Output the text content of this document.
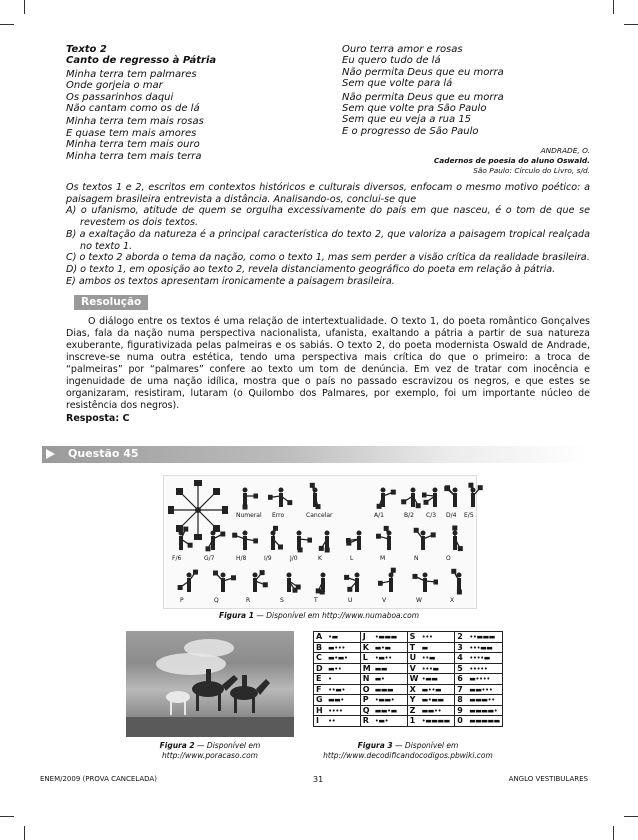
Texto 2
Canto de regresso à Pátria
Minha terra tem palmares
Onde gorjeia o mar
Os passarinhos daqui
Não cantam como os de lá
Minha terra tem mais rosas
E quase tem mais amores
Minha terra tem mais ouro
Minha terra tem mais terra
Ouro terra amor e rosas
Eu quero tudo de lá
Não permita Deus que eu morra
Sem que volte para lá
Não permita Deus que eu morra
Sem que volte pra São Paulo
Sem que eu veja a rua 15
E o progresso de São Paulo
ANDRADE, O.
Cadernos de poesia do aluno Oswald.
São Paulo: Círculo do Livro, s/d.

Os textos 1 e 2, escritos em contextos históricos e culturais diversos, enfocam o mesmo motivo poético: a paisagem brasileira entrevista a distância. Analisando-os, conclui-se que

A) o ufanismo, atitude de quem se orgulha excessivamente do país em que nasceu, é o tom de que se revestem os dois textos.

B) a exaltação da natureza é a principal característica do texto 2, que valoriza a paisagem tropical realçada no texto 1.

C) o texto 2 aborda o tema da nação, como o texto 1, mas sem perder a visão crítica da realidade brasileira.

D) o texto 1, em oposição ao texto 2, revela distanciamento geográfico do poeta em relação à pátria.

E) ambos os textos apresentam ironicamente a paisagem brasileira.

Resolução

O diálogo entre os textos é uma relação de intertextualidade. O texto 1, do poeta romântico Gonçalves Dias, fala da nação numa perspectiva nacionalista, ufanista, exaltando a pátria a partir de sua natureza exuberante, figurativizada pelas palmeiras e os sabiás. O texto 2, do poeta modernista Oswald de Andrade, inscreve-se numa outra estética, tendo uma perspectiva mais crítica do que o primeiro: a troca de “palmeiras” por “palmares” confere ao texto um tom de denúncia. Em vez de tratar com inocência e ingenuidade de uma nação idílica, mostra que o país no passado escravizou os negros, e que estes se organizaram, resistiram, lutaram (o Quilombo dos Palmares, por exemplo, foi um importante núcleo de resistência dos negros).

Resposta: C
Questão 45
Numeral Erro	Cancelar	A/1	B/2 C/3 D/4 E/5
F/6	G/7	H/8	I/9	J/0	K	L	M	N	O
P	Q	R	S	T	U	V	W	X
Figura 1 — Disponível em http://www.numaboa.com
Figura 2 — Disponível em
http://www.poracaso.com
A •▬	J •▬▬▬	S •••	2 ••▬▬▬
B ▬•••	K ▬•▬	T ▬	3 •••▬▬
C ▬•▬•	L •▬••	U ••▬	4 ••••▬
D ▬••	M ▬▬	V •••▬	5 •••••
E •	N ▬•	W •▬▬	6 ▬••••
F ••▬•	O ▬▬▬	X ▬••▬	7 ▬▬•••
G ▬▬•	P •▬▬•	Y ▬•▬▬	8 ▬▬▬••
H ••••	Q ▬▬•▬	Z ▬▬••	9 ▬▬▬▬•
I ••	R •▬•	1 •▬▬▬▬	0 ▬▬▬▬▬
Figura 3 — Disponível em
http://www.decodificandocodigos.pbwiki.com
ENEM/2009 (PROVA CANCELADA)	31	ANGLO VESTIBULARES
